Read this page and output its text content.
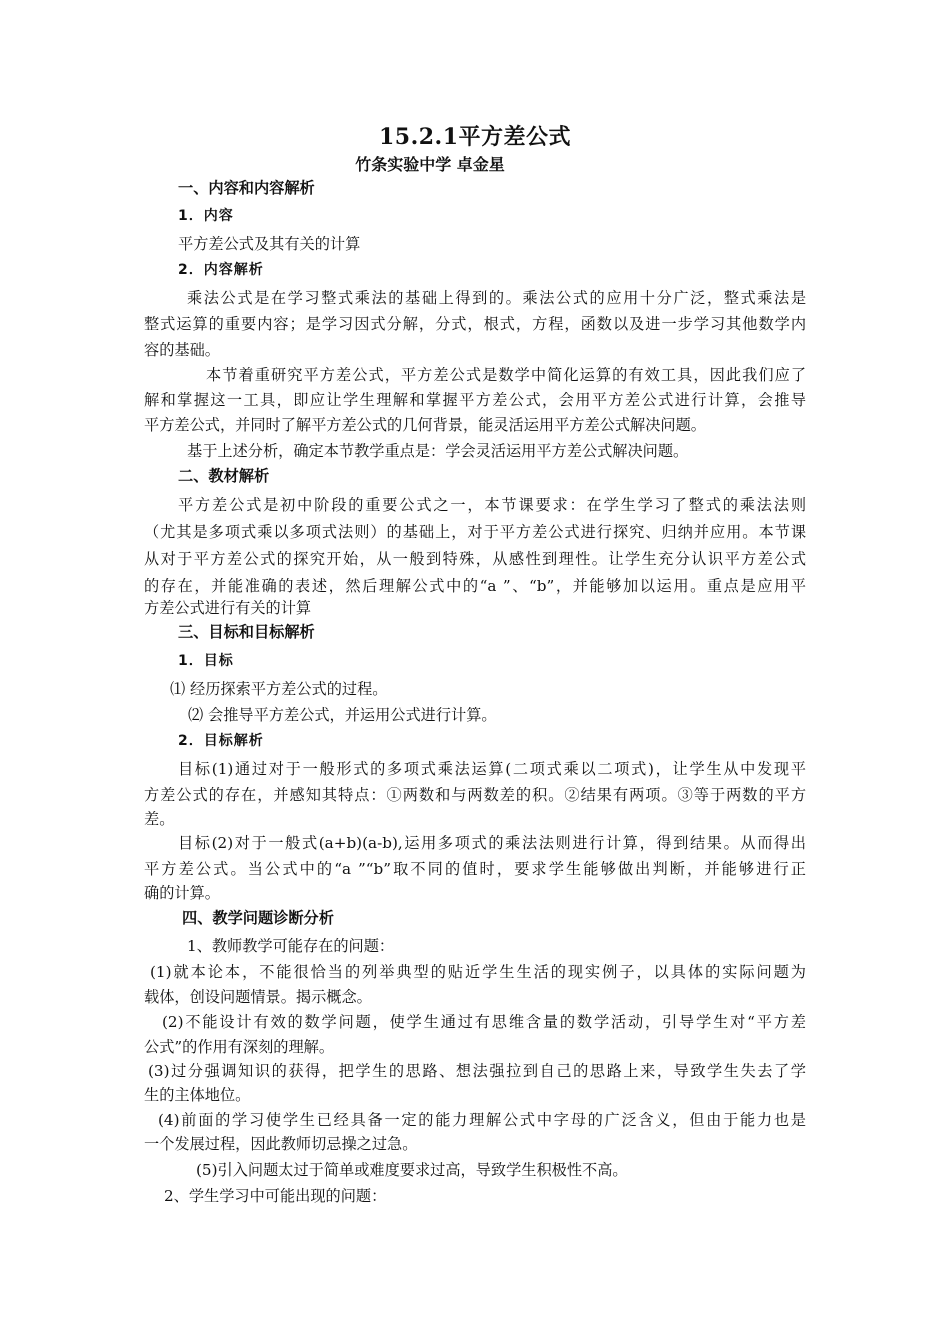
15.2.1平方差公式
竹条实验中学 卓金星
一、内容和内容解析
1．内容
平方差公式及其有关的计算
2．内容解析
乘法公式是在学习整式乘法的基础上得到的。乘法公式的应用十分广泛，整式乘法是
整式运算的重要内容；是学习因式分解，分式，根式，方程，函数以及进一步学习其他数学内
容的基础。
本节着重研究平方差公式，平方差公式是数学中简化运算的有效工具，因此我们应了
解和掌握这一工具，即应让学生理解和掌握平方差公式，会用平方差公式进行计算，会推导
平方差公式，并同时了解平方差公式的几何背景，能灵活运用平方差公式解决问题。
基于上述分析，确定本节教学重点是：学会灵活运用平方差公式解决问题。
二、教材解析
平方差公式是初中阶段的重要公式之一，本节课要求：在学生学习了整式的乘法法则
（尤其是多项式乘以多项式法则）的基础上，对于平方差公式进行探究、归纳并应用。本节课
从对于平方差公式的探究开始，从一般到特殊，从感性到理性。让学生充分认识平方差公式
的存在，并能准确的表述，然后理解公式中的“a ”、“b”，并能够加以运用。重点是应用平
方差公式进行有关的计算
三、目标和目标解析
1．目标
⑴ 经历探索平方差公式的过程。
⑵ 会推导平方差公式，并运用公式进行计算。
2．目标解析
目标(1)通过对于一般形式的多项式乘法运算(二项式乘以二项式)，让学生从中发现平
方差公式的存在，并感知其特点：①两数和与两数差的积。②结果有两项。③等于两数的平方
差。
目标(2)对于一般式(a+b)(a-b),运用多项式的乘法法则进行计算，得到结果。从而得出
平方差公式。当公式中的“a ”“b”取不同的值时，要求学生能够做出判断，并能够进行正
确的计算。
四、教学问题诊断分析
1、教师教学可能存在的问题：
(1)就本论本，不能很恰当的列举典型的贴近学生生活的现实例子，以具体的实际问题为
载体，创设问题情景。揭示概念。
(2)不能设计有效的数学问题，使学生通过有思维含量的数学活动，引导学生对“平方差
公式”的作用有深刻的理解。
(3)过分强调知识的获得，把学生的思路、想法强拉到自己的思路上来，导致学生失去了学
生的主体地位。
(4)前面的学习使学生已经具备一定的能力理解公式中字母的广泛含义，但由于能力也是
一个发展过程，因此教师切忌操之过急。
(5)引入问题太过于简单或难度要求过高，导致学生积极性不高。
2、学生学习中可能出现的问题：
